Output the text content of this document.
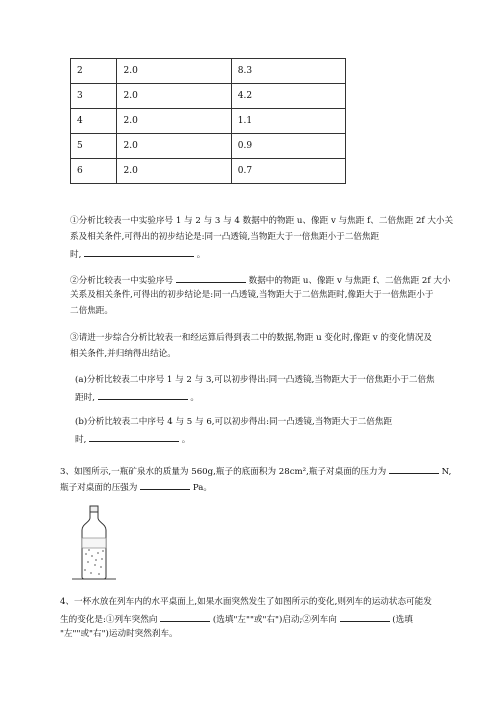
2	2.0	8.3
3	2.0	4.2
4	2.0	1.1
5	2.0	0.9
6	2.0	0.7
①分析比较表一中实验序号 1 与 2 与 3 与 4 数据中的物距 u、像距 v 与焦距 f、二倍焦距 2f 大小关
系及相关条件,可得出的初步结论是:同一凸透镜,当物距大于一倍焦距小于二倍焦距
时,	。
②分析比较表一中实验序号	数据中的物距 u、像距 v 与焦距 f、二倍焦距 2f 大小
关系及相关条件,可得出的初步结论是:同一凸透镜,当物距大于二倍焦距时,像距大于一倍焦距小于
二倍焦距。
③请进一步综合分析比较表一和经运算后得到表二中的数据,物距 u 变化时,像距 v 的变化情况及
相关条件,并归纳得出结论。
(a)分析比较表二中序号 1 与 2 与 3,可以初步得出:同一凸透镜,当物距大于一倍焦距小于二倍焦
距时,	。
(b)分析比较表二中序号 4 与 5 与 6,可以初步得出:同一凸透镜,当物距大于二倍焦距
时,	。
3、如图所示,一瓶矿泉水的质量为 560g,瓶子的底面积为 28cm²,瓶子对桌面的压力为	N,
瓶子对桌面的压强为	Pa。
4、一杯水放在列车内的水平桌面上,如果水面突然发生了如图所示的变化,则列车的运动状态可能发
生的变化是:①列车突然向	(选填"左""或"右")启动;②列车向	(选填
"左""或"右")运动时突然刹车。
